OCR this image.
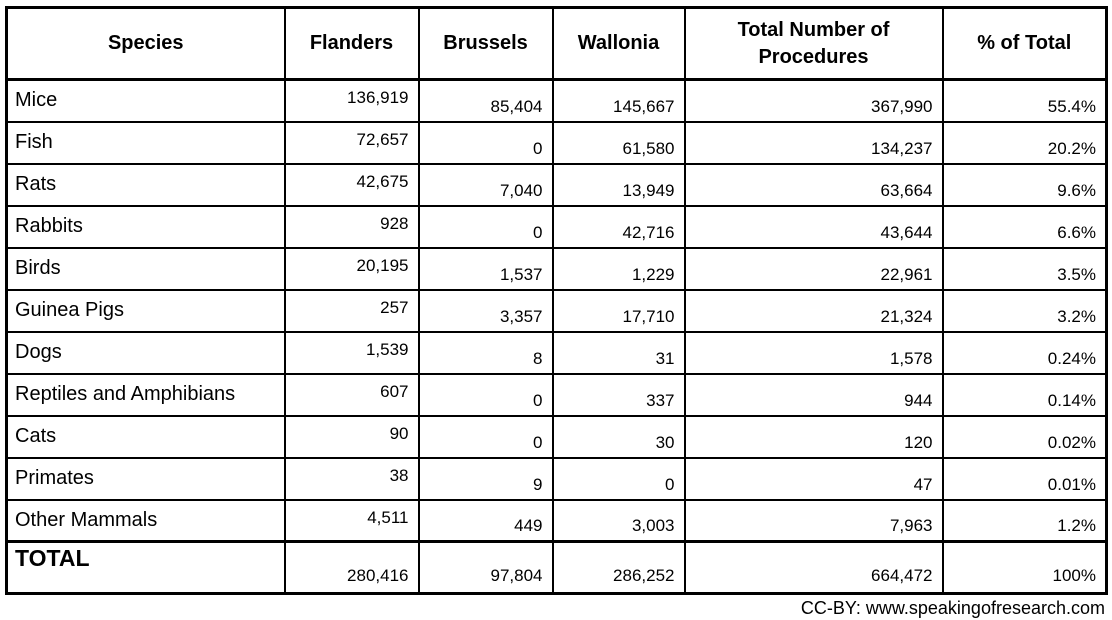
Species	Flanders	Brussels	Wallonia	Total Number of Procedures	% of Total
Mice	136,919	85,404	145,667	367,990	55.4%
Fish	72,657	0	61,580	134,237	20.2%
Rats	42,675	7,040	13,949	63,664	9.6%
Rabbits	928	0	42,716	43,644	6.6%
Birds	20,195	1,537	1,229	22,961	3.5%
Guinea Pigs	257	3,357	17,710	21,324	3.2%
Dogs	1,539	8	31	1,578	0.24%
Reptiles and Amphibians	607	0	337	944	0.14%
Cats	90	0	30	120	0.02%
Primates	38	9	0	47	0.01%
Other Mammals	4,511	449	3,003	7,963	1.2%
TOTAL	280,416	97,804	286,252	664,472	100%
CC-BY: www.speakingofresearch.com
